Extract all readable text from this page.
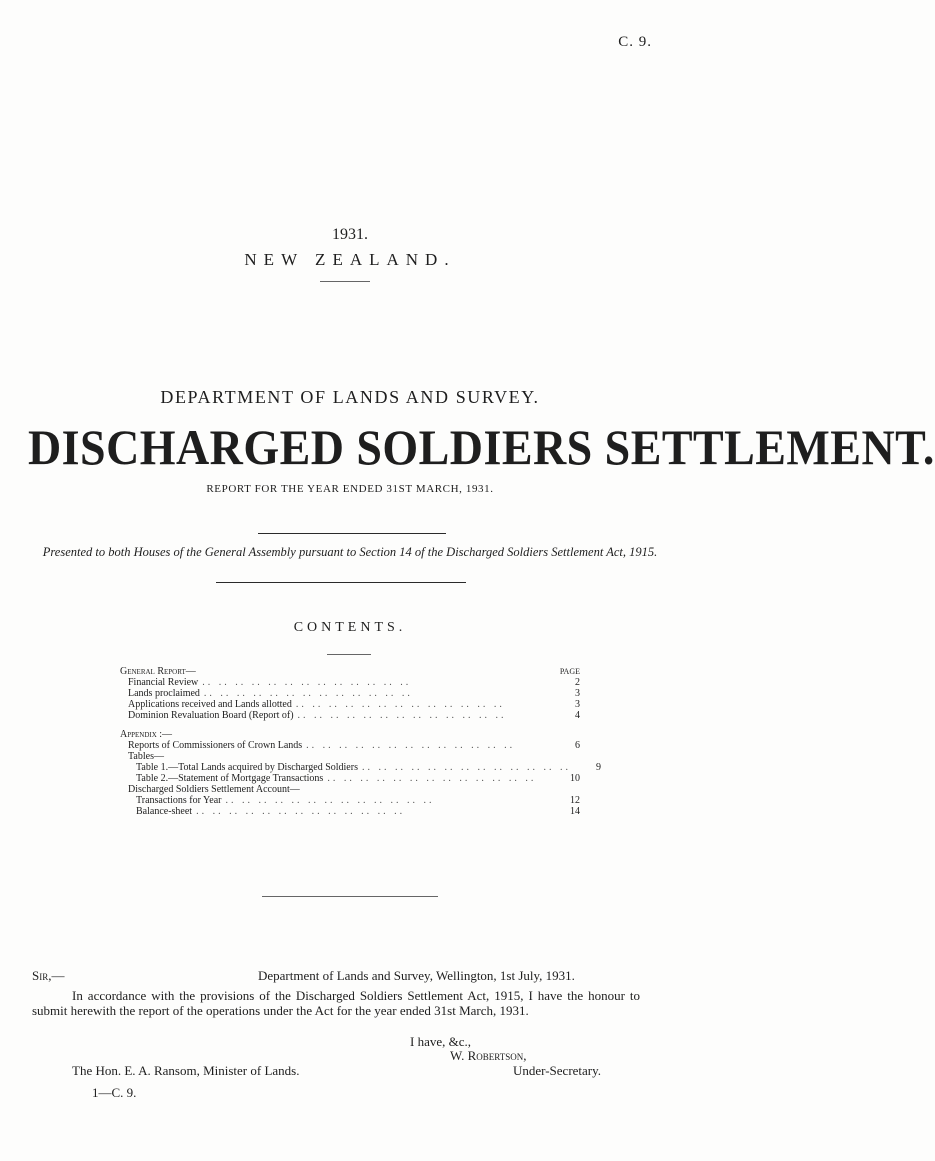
C. 9.
1931.
NEW ZEALAND.
DEPARTMENT OF LANDS AND SURVEY.
DISCHARGED SOLDIERS SETTLEMENT.
REPORT FOR THE YEAR ENDED 31ST MARCH, 1931.
Presented to both Houses of the General Assembly pursuant to Section 14 of the Discharged Soldiers Settlement Act, 1915.
CONTENTS.
General Report—	PAGE
Financial Review .. .. .. .. .. .. .. .. .. .. .. .. ..	2
Lands proclaimed .. .. .. .. .. .. .. .. .. .. .. .. ..	3
Applications received and Lands allotted .. .. .. .. .. .. .. .. .. .. .. .. ..	3
Dominion Revaluation Board (Report of) .. .. .. .. .. .. .. .. .. .. .. .. ..	4
Appendix :—
Reports of Commissioners of Crown Lands .. .. .. .. .. .. .. .. .. .. .. .. ..	6
Tables—
Table 1.—Total Lands acquired by Discharged Soldiers .. .. .. .. .. .. .. .. .. .. .. .. ..	9
Table 2.—Statement of Mortgage Transactions .. .. .. .. .. .. .. .. .. .. .. .. ..	10
Discharged Soldiers Settlement Account—
Transactions for Year .. .. .. .. .. .. .. .. .. .. .. .. ..	12
Balance-sheet .. .. .. .. .. .. .. .. .. .. .. .. ..	14
Sir,—	Department of Lands and Survey, Wellington, 1st July, 1931.
In accordance with the provisions of the Discharged Soldiers Settlement Act, 1915, I have the honour to submit herewith the report of the operations under the Act for the year ended 31st March, 1931.
I have, &c.,
W. Robertson,
The Hon. E. A. Ransom, Minister of Lands.	Under-Secretary.
1—C. 9.
